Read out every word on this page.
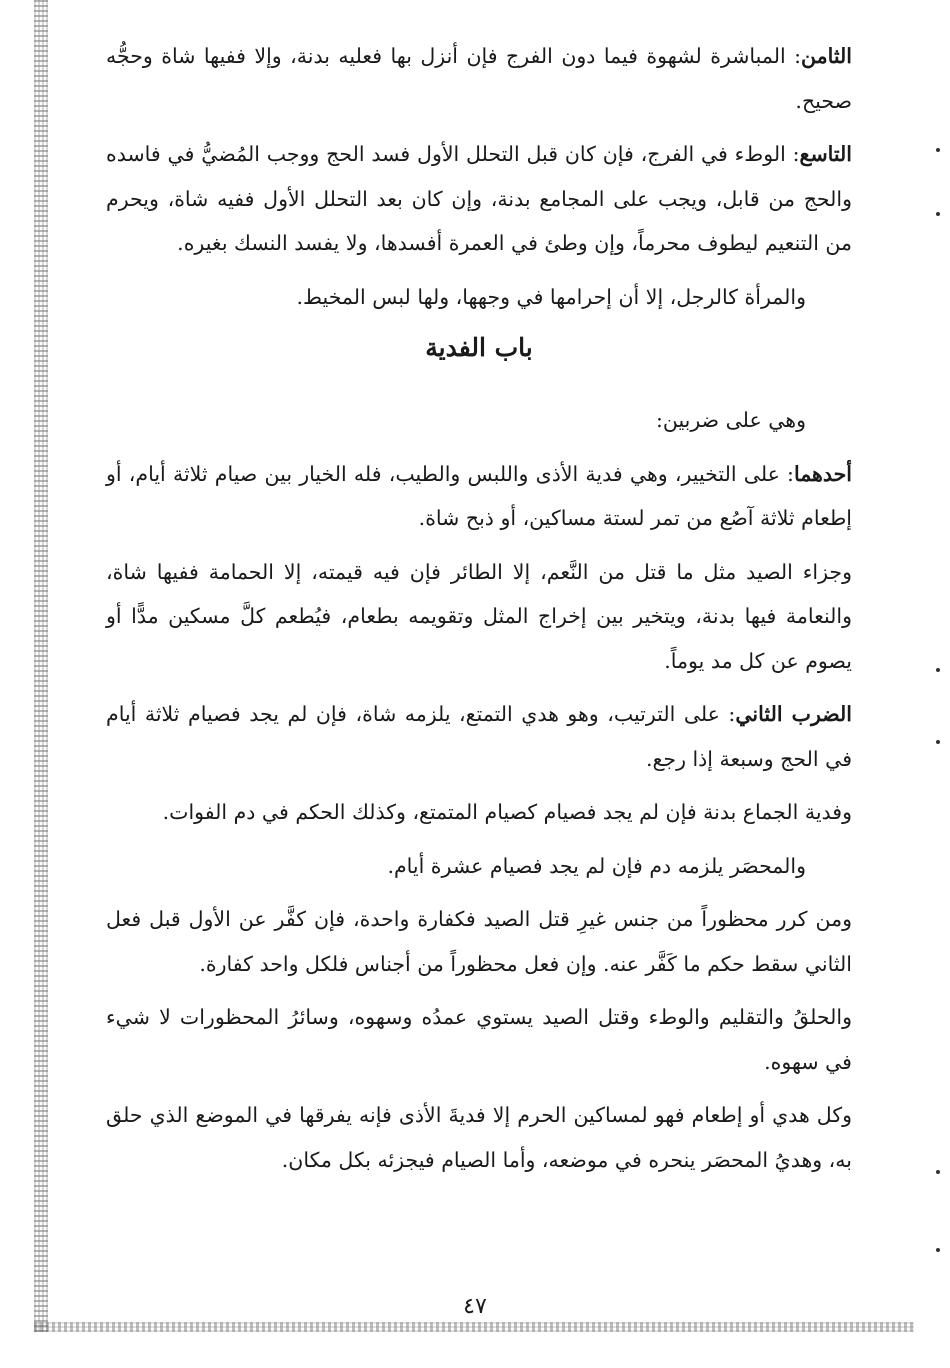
الثامن: المباشرة لشهوة فيما دون الفرج فإن أنزل بها فعليه بدنة، وإلا ففيها شاة وحجُّه صحيح.

التاسع: الوطء في الفرج، فإن كان قبل التحلل الأول فسد الحج ووجب المُضيُّ في فاسده والحج من قابل، ويجب على المجامع بدنة، وإن كان بعد التحلل الأول ففيه شاة، ويحرم من التنعيم ليطوف محرماً، وإن وطئ في العمرة أفسدها، ولا يفسد النسك بغيره.

والمرأة كالرجل، إلا أن إحرامها في وجهها، ولها لبس المخيط.

باب الفدية

وهي على ضربين:

أحدهما: على التخيير، وهي فدية الأذى واللبس والطيب، فله الخيار بين صيام ثلاثة أيام، أو إطعام ثلاثة آصُع من تمر لستة مساكين، أو ذبح شاة.

وجزاء الصيد مثل ما قتل من النَّعم، إلا الطائر فإن فيه قيمته، إلا الحمامة ففيها شاة، والنعامة فيها بدنة، ويتخير بين إخراج المثل وتقويمه بطعام، فيُطعم كلَّ مسكين مدًّا أو يصوم عن كل مد يوماً.

الضرب الثاني: على الترتيب، وهو هدي التمتع، يلزمه شاة، فإن لم يجد فصيام ثلاثة أيام في الحج وسبعة إذا رجع.

وفدية الجماع بدنة فإن لم يجد فصيام كصيام المتمتع، وكذلك الحكم في دم الفوات.

والمحصَر يلزمه دم فإن لم يجد فصيام عشرة أيام.

ومن كرر محظوراً من جنس غيرِ قتل الصيد فكفارة واحدة، فإن كفَّر عن الأول قبل فعل الثاني سقط حكم ما كَفَّر عنه. وإن فعل محظوراً من أجناس فلكل واحد كفارة.

والحلقُ والتقليم والوطء وقتل الصيد يستوي عمدُه وسهوه، وسائرُ المحظورات لا شيء في سهوه.

وكل هدي أو إطعام فهو لمساكين الحرم إلا فديةَ الأذى فإنه يفرقها في الموضع الذي حلق به، وهديُ المحصَر ينحره في موضعه، وأما الصيام فيجزئه بكل مكان.

٤٧
